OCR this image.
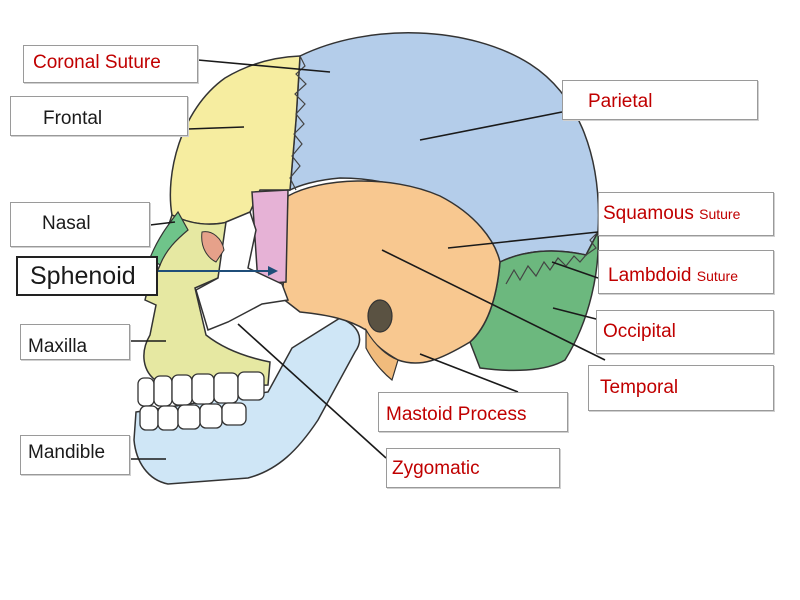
Coronal Suture
Frontal
Nasal
Sphenoid
Maxilla
Mandible
Parietal
Squamous Suture
Lambdoid Suture
Occipital
Temporal
Mastoid Process
Zygomatic
